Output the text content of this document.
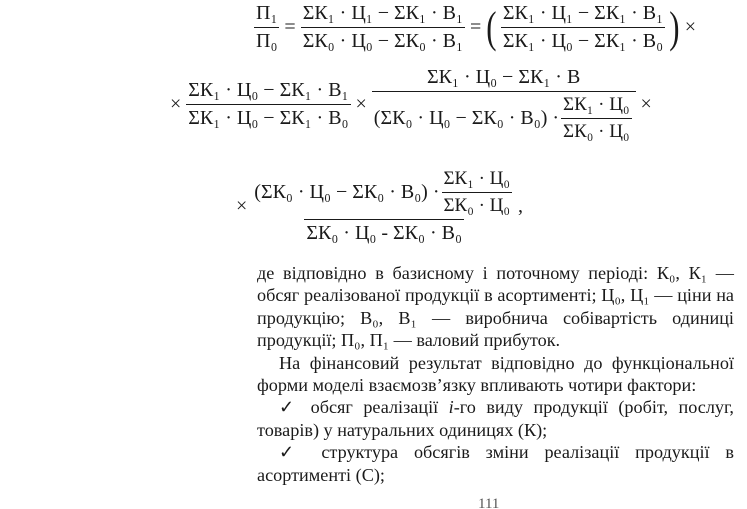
$\frac{\text{П₁}}{\text{П₀}} = \frac{\text{ΣК₁ · Ц₁ − ΣК₁ · В₁}}{\text{ΣК₀ · Ц₀ − ΣК₀ · В₁}}$ = ( $\frac{\text{ΣК₁ · Ц₁ − ΣК₁ · В₁}}{\text{ΣК₁ · Ц₀ − ΣК₁ · В₀}}$ ) ×
× $\frac{\text{ΣК₁ · Ц₀ − ΣК₁ · В₁}}{\text{ΣК₁ · Ц₀ − ΣК₁ · В₀}}$ ×
ΣК₁ · Ц₀ − ΣК₁ · В
$(\Sigma К_0 \cdot Ц_0 - \Sigma К_0 \cdot В_0) \cdot \frac{\text{ΣК₁ · Ц₀}}{\text{ΣК₀ · Ц₀}}$ ×
×
$(\Sigma К_0 \cdot Ц_0 - \Sigma К_0 \cdot В_0) \cdot \frac{\text{ΣК₁ · Ц₀}}{\text{ΣК₀ · Ц₀}}$
ΣК₀ · Ц₀ - ΣК₀ · В₀
,

де відповідно в базисному і поточному періоді: К₀, К₁ — обсяг реалізованої продукції в асортименті; Ц₀, Ц₁ — ціни на продукцію; В₀, В₁ — виробнича собівартість одиниці продукції; П₀, П₁ — валовий прибуток.

На фінансовий результат відповідно до функціональної форми моделі взаємозв’язку впливають чотири фактори:

✓ обсяг реалізації і-го виду продукції (робіт, послуг, товарів) у натуральних одиницях (К);

✓ структура обсягів зміни реалізації продукції в асортименті (С);

111
